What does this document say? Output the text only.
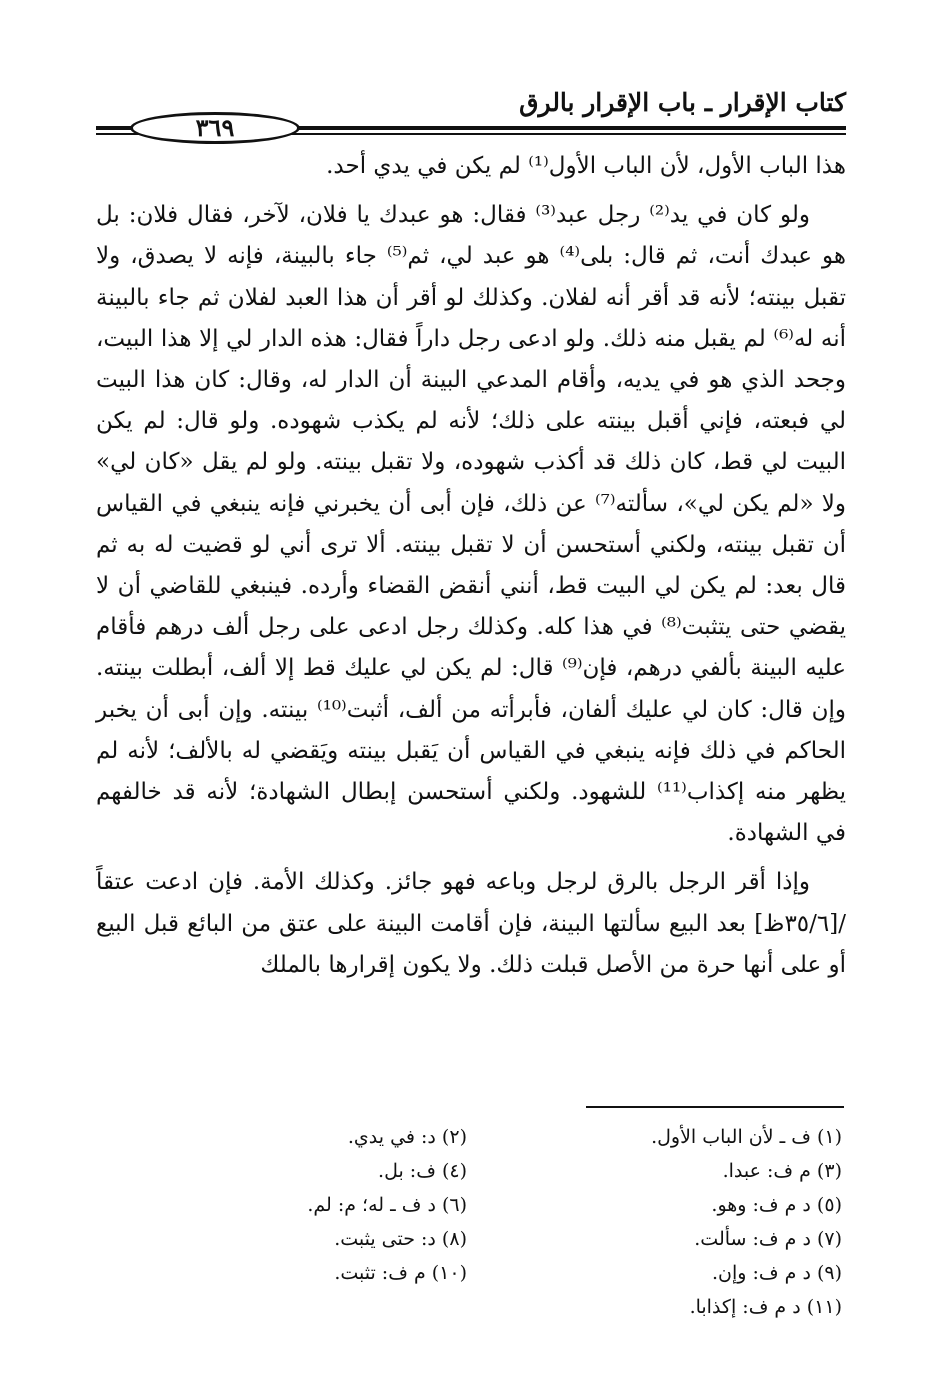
كتاب الإقرار ـ باب الإقرار بالرق
٣٦٩

هذا الباب الأول، لأن الباب الأول⁽¹⁾ لم يكن في يدي أحد.

ولو كان في يد⁽²⁾ رجل عبد⁽³⁾ فقال: هو عبدك يا فلان، لآخر، فقال فلان: بل هو عبدك أنت، ثم قال: بلى⁽⁴⁾ هو عبد لي، ثم⁽⁵⁾ جاء بالبينة، فإنه لا يصدق، ولا تقبل بينته؛ لأنه قد أقر أنه لفلان. وكذلك لو أقر أن هذا العبد لفلان ثم جاء بالبينة أنه له⁽⁶⁾ لم يقبل منه ذلك. ولو ادعى رجل داراً فقال: هذه الدار لي إلا هذا البيت، وجحد الذي هو في يديه، وأقام المدعي البينة أن الدار له، وقال: كان هذا البيت لي فبعته، فإني أقبل بينته على ذلك؛ لأنه لم يكذب شهوده. ولو قال: لم يكن البيت لي قط، كان ذلك قد أكذب شهوده، ولا تقبل بينته. ولو لم يقل «كان لي» ولا «لم يكن لي»، سألته⁽⁷⁾ عن ذلك، فإن أبى أن يخبرني فإنه ينبغي في القياس أن تقبل بينته، ولكني أستحسن أن لا تقبل بينته. ألا ترى أني لو قضيت له به ثم قال بعد: لم يكن لي البيت قط، أنني أنقض القضاء وأرده. فينبغي للقاضي أن لا يقضي حتى يتثبت⁽⁸⁾ في هذا كله. وكذلك رجل ادعى على رجل ألف درهم فأقام عليه البينة بألفي درهم، فإن⁽⁹⁾ قال: لم يكن لي عليك قط إلا ألف، أبطلت بينته. وإن قال: كان لي عليك ألفان، فأبرأته من ألف، أثبت⁽¹⁰⁾ بينته. وإن أبى أن يخبر الحاكم في ذلك فإنه ينبغي في القياس أن يَقبل بينته ويَقضي له بالألف؛ لأنه لم يظهر منه إكذاب⁽¹¹⁾ للشهود. ولكني أستحسن إبطال الشهادة؛ لأنه قد خالفهم في الشهادة.

وإذا أقر الرجل بالرق لرجل وباعه فهو جائز. وكذلك الأمة. فإن ادعت عتقاً /[٣٥/٦ظ] بعد البيع سألتها البينة، فإن أقامت البينة على عتق من البائع قبل البيع أو على أنها حرة من الأصل قبلت ذلك. ولا يكون إقرارها بالملك

(١) ف ـ لأن الباب الأول.
(٢) د: في يدي.
(٣) م ف: عبدا.
(٤) ف: بل.
(٥) د م ف: وهو.
(٦) د ف ـ له؛ م: لم.
(٧) د م ف: سألت.
(٨) د: حتى يثبت.
(٩) د م ف: وإن.
(١٠) م ف: تثبت.
(١١) د م ف: إكذابا.
